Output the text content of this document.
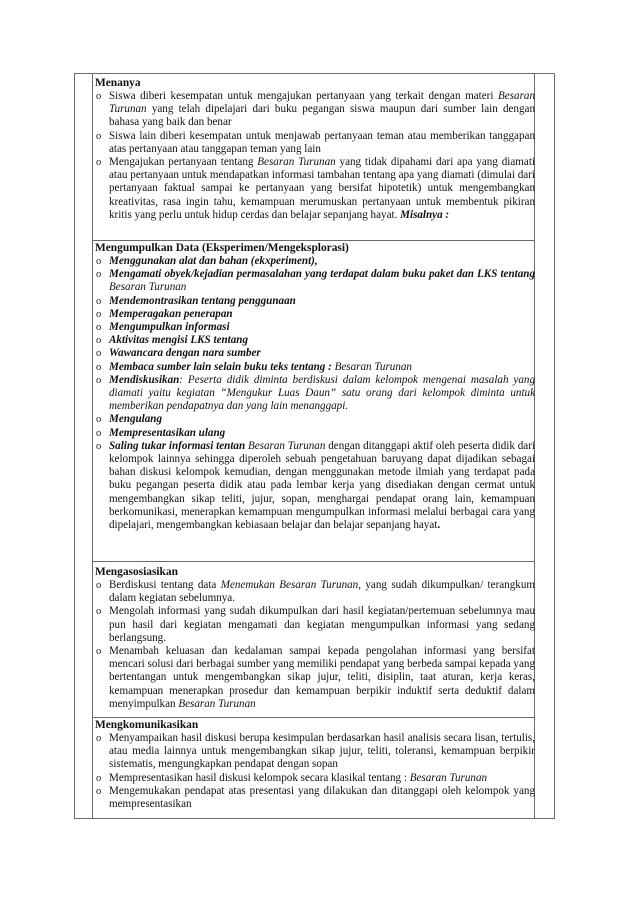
Menanya

o Siswa diberi kesempatan untuk mengajukan pertanyaan yang terkait dengan materi Besaran Turunan yang telah dipelajari dari buku pegangan siswa maupun dari sumber lain dengan bahasa yang baik dan benar
o Siswa lain diberi kesempatan untuk menjawab pertanyaan teman atau memberikan tanggapan atas pertanyaan atau tanggapan teman yang lain
o Mengajukan pertanyaan tentang Besaran Turunan yang tidak dipahami dari apa yang diamati atau pertanyaan untuk mendapatkan informasi tambahan tentang apa yang diamati (dimulai dari pertanyaan faktual sampai ke pertanyaan yang bersifat hipotetik) untuk mengembangkan kreativitas, rasa ingin tahu, kemampuan merumuskan pertanyaan untuk membentuk pikiran kritis yang perlu untuk hidup cerdas dan belajar sepanjang hayat. Misalnya :

Mengumpulkan Data (Eksperimen/Mengeksplorasi)

o Menggunakan alat dan bahan (ekxperiment),
o Mengamati obyek/kejadian permasalahan yang terdapat dalam buku paket dan LKS tentang Besaran Turunan
o Mendemontrasikan tentang penggunaan
o Memperagakan penerapan
o Mengumpulkan informasi
o Aktivitas mengisi LKS tentang
o Wawancara dengan nara sumber
o Membaca sumber lain selain buku teks tentang : Besaran Turunan
o Mendiskusikan: Peserta didik diminta berdiskusi dalam kelompok mengenai masalah yang diamati yaitu kegiatan “Mengukur Luas Daun” satu orang dari kelompok diminta untuk memberikan pendapatnya dan yang lain menanggapi.
o Mengulang
o Mempresentasikan ulang
o Saling tukar informasi tentan Besaran Turunan dengan ditanggapi aktif oleh peserta didik dari kelompok lainnya sehingga diperoleh sebuah pengetahuan baruyang dapat dijadikan sebagai bahan diskusi kelompok kemudian, dengan menggunakan metode ilmiah yang terdapat pada buku pegangan peserta didik atau pada lembar kerja yang disediakan dengan cermat untuk mengembangkan sikap teliti, jujur, sopan, menghargai pendapat orang lain, kemampuan berkomunikasi, menerapkan kemampuan mengumpulkan informasi melalui berbagai cara yang dipelajari, mengembangkan kebiasaan belajar dan belajar sepanjang hayat.

Mengasosiasikan

o Berdiskusi tentang data Menemukan Besaran Turunan, yang sudah dikumpulkan/ terangkum dalam kegiatan sebelumnya.
o Mengolah informasi yang sudah dikumpulkan dari hasil kegiatan/pertemuan sebelumnya mau pun hasil dari kegiatan mengamati dan kegiatan mengumpulkan informasi yang sedang berlangsung.
o Menambah keluasan dan kedalaman sampai kepada pengolahan informasi yang bersifat mencari solusi dari berbagai sumber yang memiliki pendapat yang berbeda sampai kepada yang bertentangan untuk mengembangkan sikap jujur, teliti, disiplin, taat aturan, kerja keras, kemampuan menerapkan prosedur dan kemampuan berpikir induktif serta deduktif dalam menyimpulkan Besaran Turunan

Mengkomunikasikan

o Menyampaikan hasil diskusi berupa kesimpulan berdasarkan hasil analisis secara lisan, tertulis, atau media lainnya untuk mengembangkan sikap jujur, teliti, toleransi, kemampuan berpikir sistematis, mengungkapkan pendapat dengan sopan
o Mempresentasikan hasil diskusi kelompok secara klasikal tentang : Besaran Turunan
o Mengemukakan pendapat atas presentasi yang dilakukan dan ditanggapi oleh kelompok yang mempresentasikan
